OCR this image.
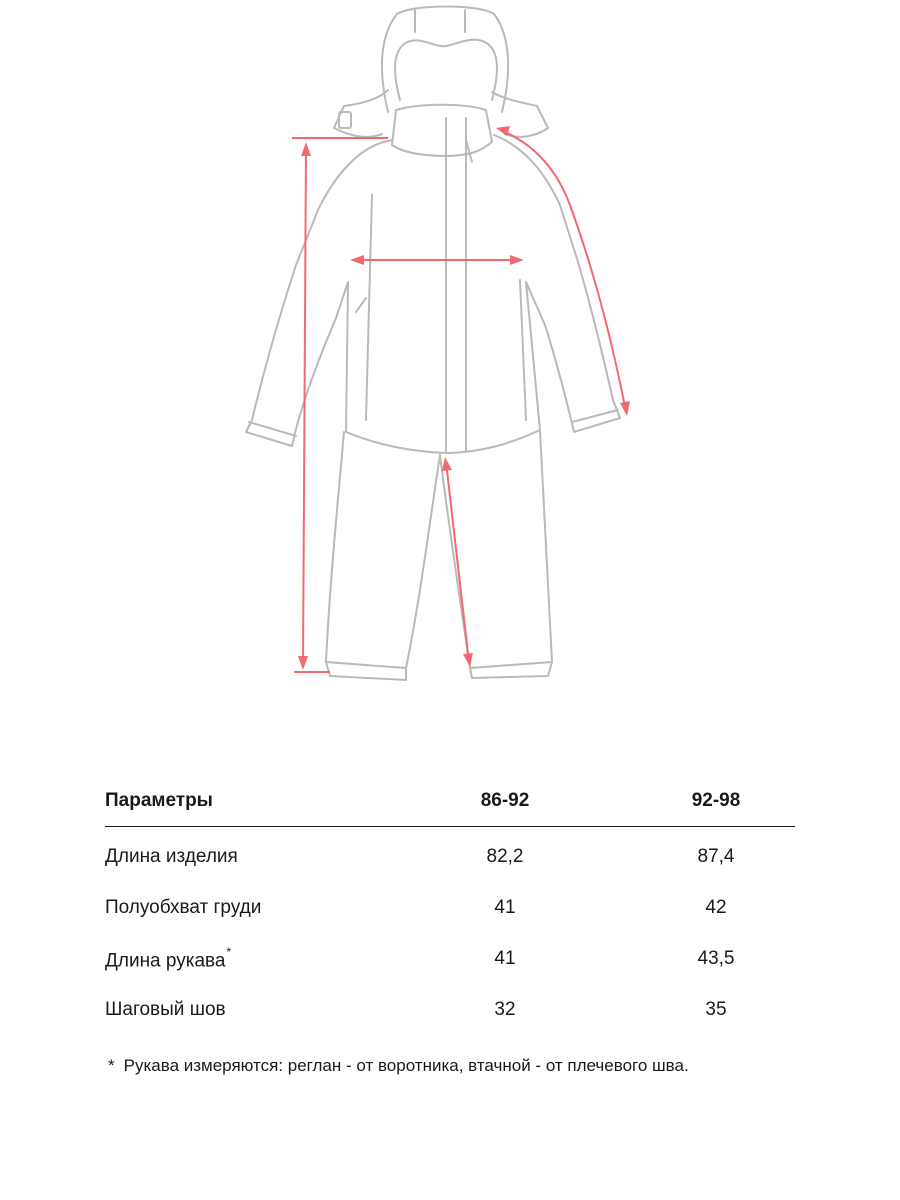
Параметры	86-92	92-98
Длина изделия	82,2	87,4
Полуобхват груди	41	42
Длина рукава*	41	43,5
Шаговый шов	32	35
* Рукава измеряются: реглан - от воротника, втачной - от плечевого шва.
